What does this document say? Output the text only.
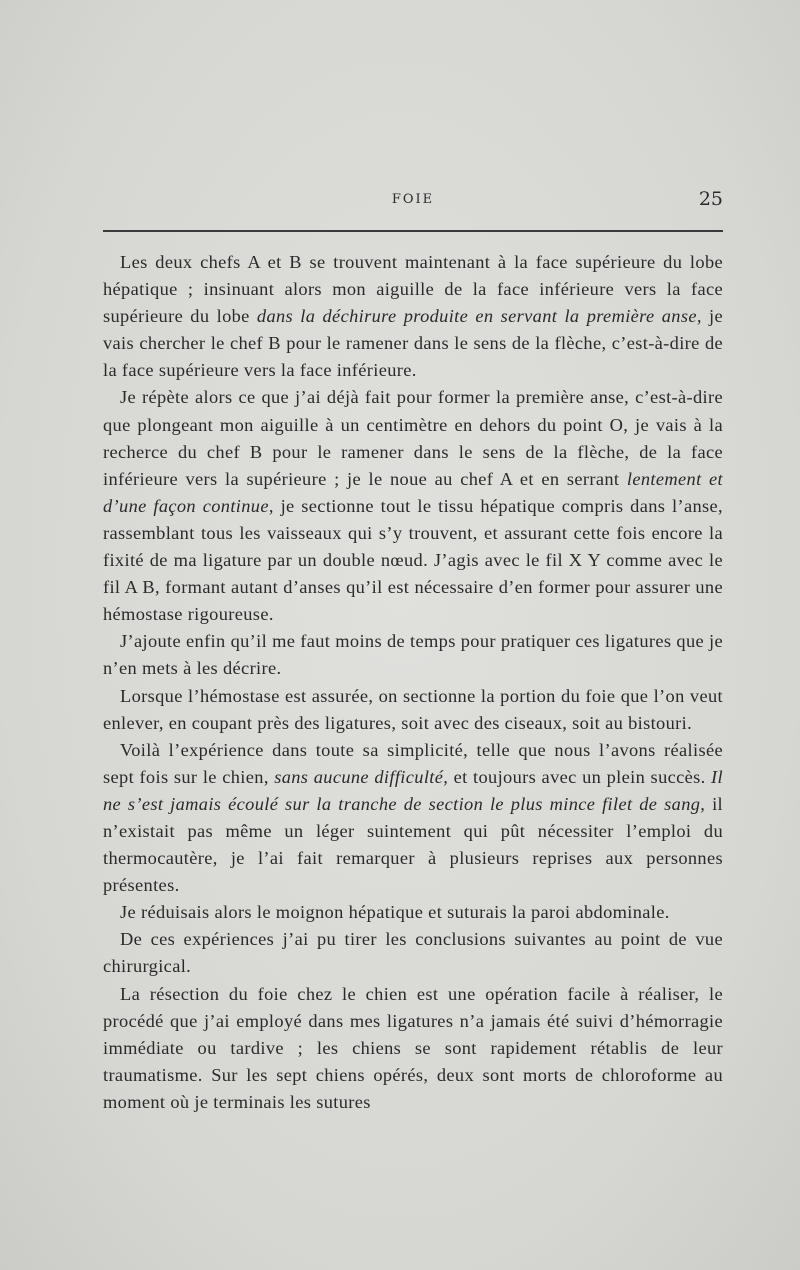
FOIE	25

Les deux chefs A et B se trouvent maintenant à la face supérieure du lobe hépatique ; insinuant alors mon aiguille de la face inférieure vers la face supérieure du lobe dans la déchirure produite en servant la première anse, je vais chercher le chef B pour le ramener dans le sens de la flèche, c’est-à-dire de la face supérieure vers la face inférieure.

Je répète alors ce que j’ai déjà fait pour former la première anse, c’est-à-dire que plongeant mon aiguille à un centimètre en dehors du point O, je vais à la recherce du chef B pour le ramener dans le sens de la flèche, de la face inférieure vers la supérieure ; je le noue au chef A et en serrant lentement et d’une façon continue, je sectionne tout le tissu hépatique compris dans l’anse, rassemblant tous les vaisseaux qui s’y trouvent, et assurant cette fois encore la fixité de ma ligature par un double nœud. J’agis avec le fil X Y comme avec le fil A B, formant autant d’anses qu’il est nécessaire d’en former pour assurer une hémostase rigoureuse.

J’ajoute enfin qu’il me faut moins de temps pour pratiquer ces ligatures que je n’en mets à les décrire.

Lorsque l’hémostase est assurée, on sectionne la portion du foie que l’on veut enlever, en coupant près des ligatures, soit avec des ciseaux, soit au bistouri.

Voilà l’expérience dans toute sa simplicité, telle que nous l’avons réalisée sept fois sur le chien, sans aucune difficulté, et toujours avec un plein succès. Il ne s’est jamais écoulé sur la tranche de section le plus mince filet de sang, il n’existait pas même un léger suintement qui pût nécessiter l’emploi du thermocautère, je l’ai fait remarquer à plusieurs reprises aux personnes présentes.

Je réduisais alors le moignon hépatique et suturais la paroi abdominale.

De ces expériences j’ai pu tirer les conclusions suivantes au point de vue chirurgical.

La résection du foie chez le chien est une opération facile à réaliser, le procédé que j’ai employé dans mes ligatures n’a jamais été suivi d’hémorragie immédiate ou tardive ; les chiens se sont rapidement rétablis de leur traumatisme. Sur les sept chiens opérés, deux sont morts de chloroforme au moment où je terminais les sutures
